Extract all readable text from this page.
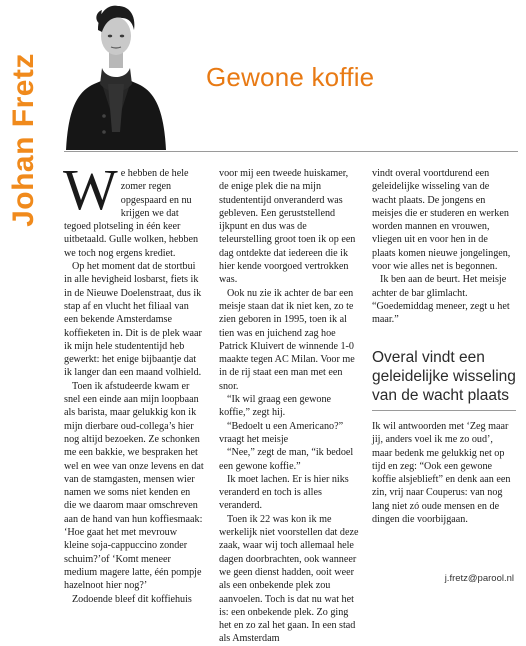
Johan Fretz	Gewone koffie

We hebben de hele zomer regen opgespaard en nu krijgen we dat tegoed plotseling in één keer uitbetaald. Gulle wolken, hebben we toch nog ergens krediet.

Op het moment dat de stortbui in alle hevigheid losbarst, fiets ik in de Nieuwe Doelenstraat, dus ik stap af en vlucht het filiaal van een bekende Amsterdamse koffieketen in. Dit is de plek waar ik mijn hele studententijd heb gewerkt: het enige bijbaantje dat ik langer dan een maand volhield.

Toen ik afstudeerde kwam er snel een einde aan mijn loopbaan als barista, maar gelukkig kon ik mijn dierbare oud-collega’s hier nog altijd bezoeken. Ze schonken me een bakkie, we bespraken het wel en wee van onze levens en dat van de stamgasten, mensen wier namen we soms niet kenden en die we daarom maar omschreven aan de hand van hun koffiesmaak: ‘Hoe gaat het met mevrouw kleine soja-cappuccino zonder schuim?’of ‘Komt meneer medium magere latte, één pompje hazelnoot hier nog?’

Zodoende bleef dit koffiehuis

voor mij een tweede huiskamer, de enige plek die na mijn studententijd onveranderd was gebleven. Een geruststellend ijkpunt en dus was de teleurstelling groot toen ik op een dag ontdekte dat iedereen die ik hier kende voorgoed vertrokken was.

Ook nu zie ik achter de bar een meisje staan dat ik niet ken, zo te zien geboren in 1995, toen ik al tien was en juichend zag hoe Patrick Kluivert de winnende 1-0 maakte tegen AC Milan. Voor me in de rij staat een man met een snor.

“Ik wil graag een gewone koffie,” zegt hij.

“Bedoelt u een Americano?” vraagt het meisje

“Nee,” zegt de man, “ik bedoel een gewone koffie.”

Ik moet lachen. Er is hier niks veranderd en toch is alles veranderd.

Toen ik 22 was kon ik me werkelijk niet voorstellen dat deze zaak, waar wij toch allemaal hele dagen doorbrachten, ook wanneer we geen dienst hadden, ooit weer als een onbekende plek zou aanvoelen. Toch is dat nu wat het is: een onbekende plek. Zo ging het en zo zal het gaan. In een stad als Amsterdam

vindt overal voortdurend een geleidelijke wisseling van de wacht plaats. De jongens en meisjes die er studeren en werken worden mannen en vrouwen, vliegen uit en voor hen in de plaats komen nieuwe jongelingen, voor wie alles net is begonnen.

Ik ben aan de beurt. Het meisje achter de bar glimlacht. “Goedemiddag meneer, zegt u het maar.”

Overal vindt een geleidelijke wisseling van de wacht plaats

Ik wil antwoorden met ‘Zeg maar jij, anders voel ik me zo oud’, maar bedenk me gelukkig net op tijd en zeg: “Ook een gewone koffie alsjeblieft” en denk aan een zin, vrij naar Couperus: van nog lang niet zó oude mensen en de dingen die voorbijgaan.

j.fretz@parool.nl
